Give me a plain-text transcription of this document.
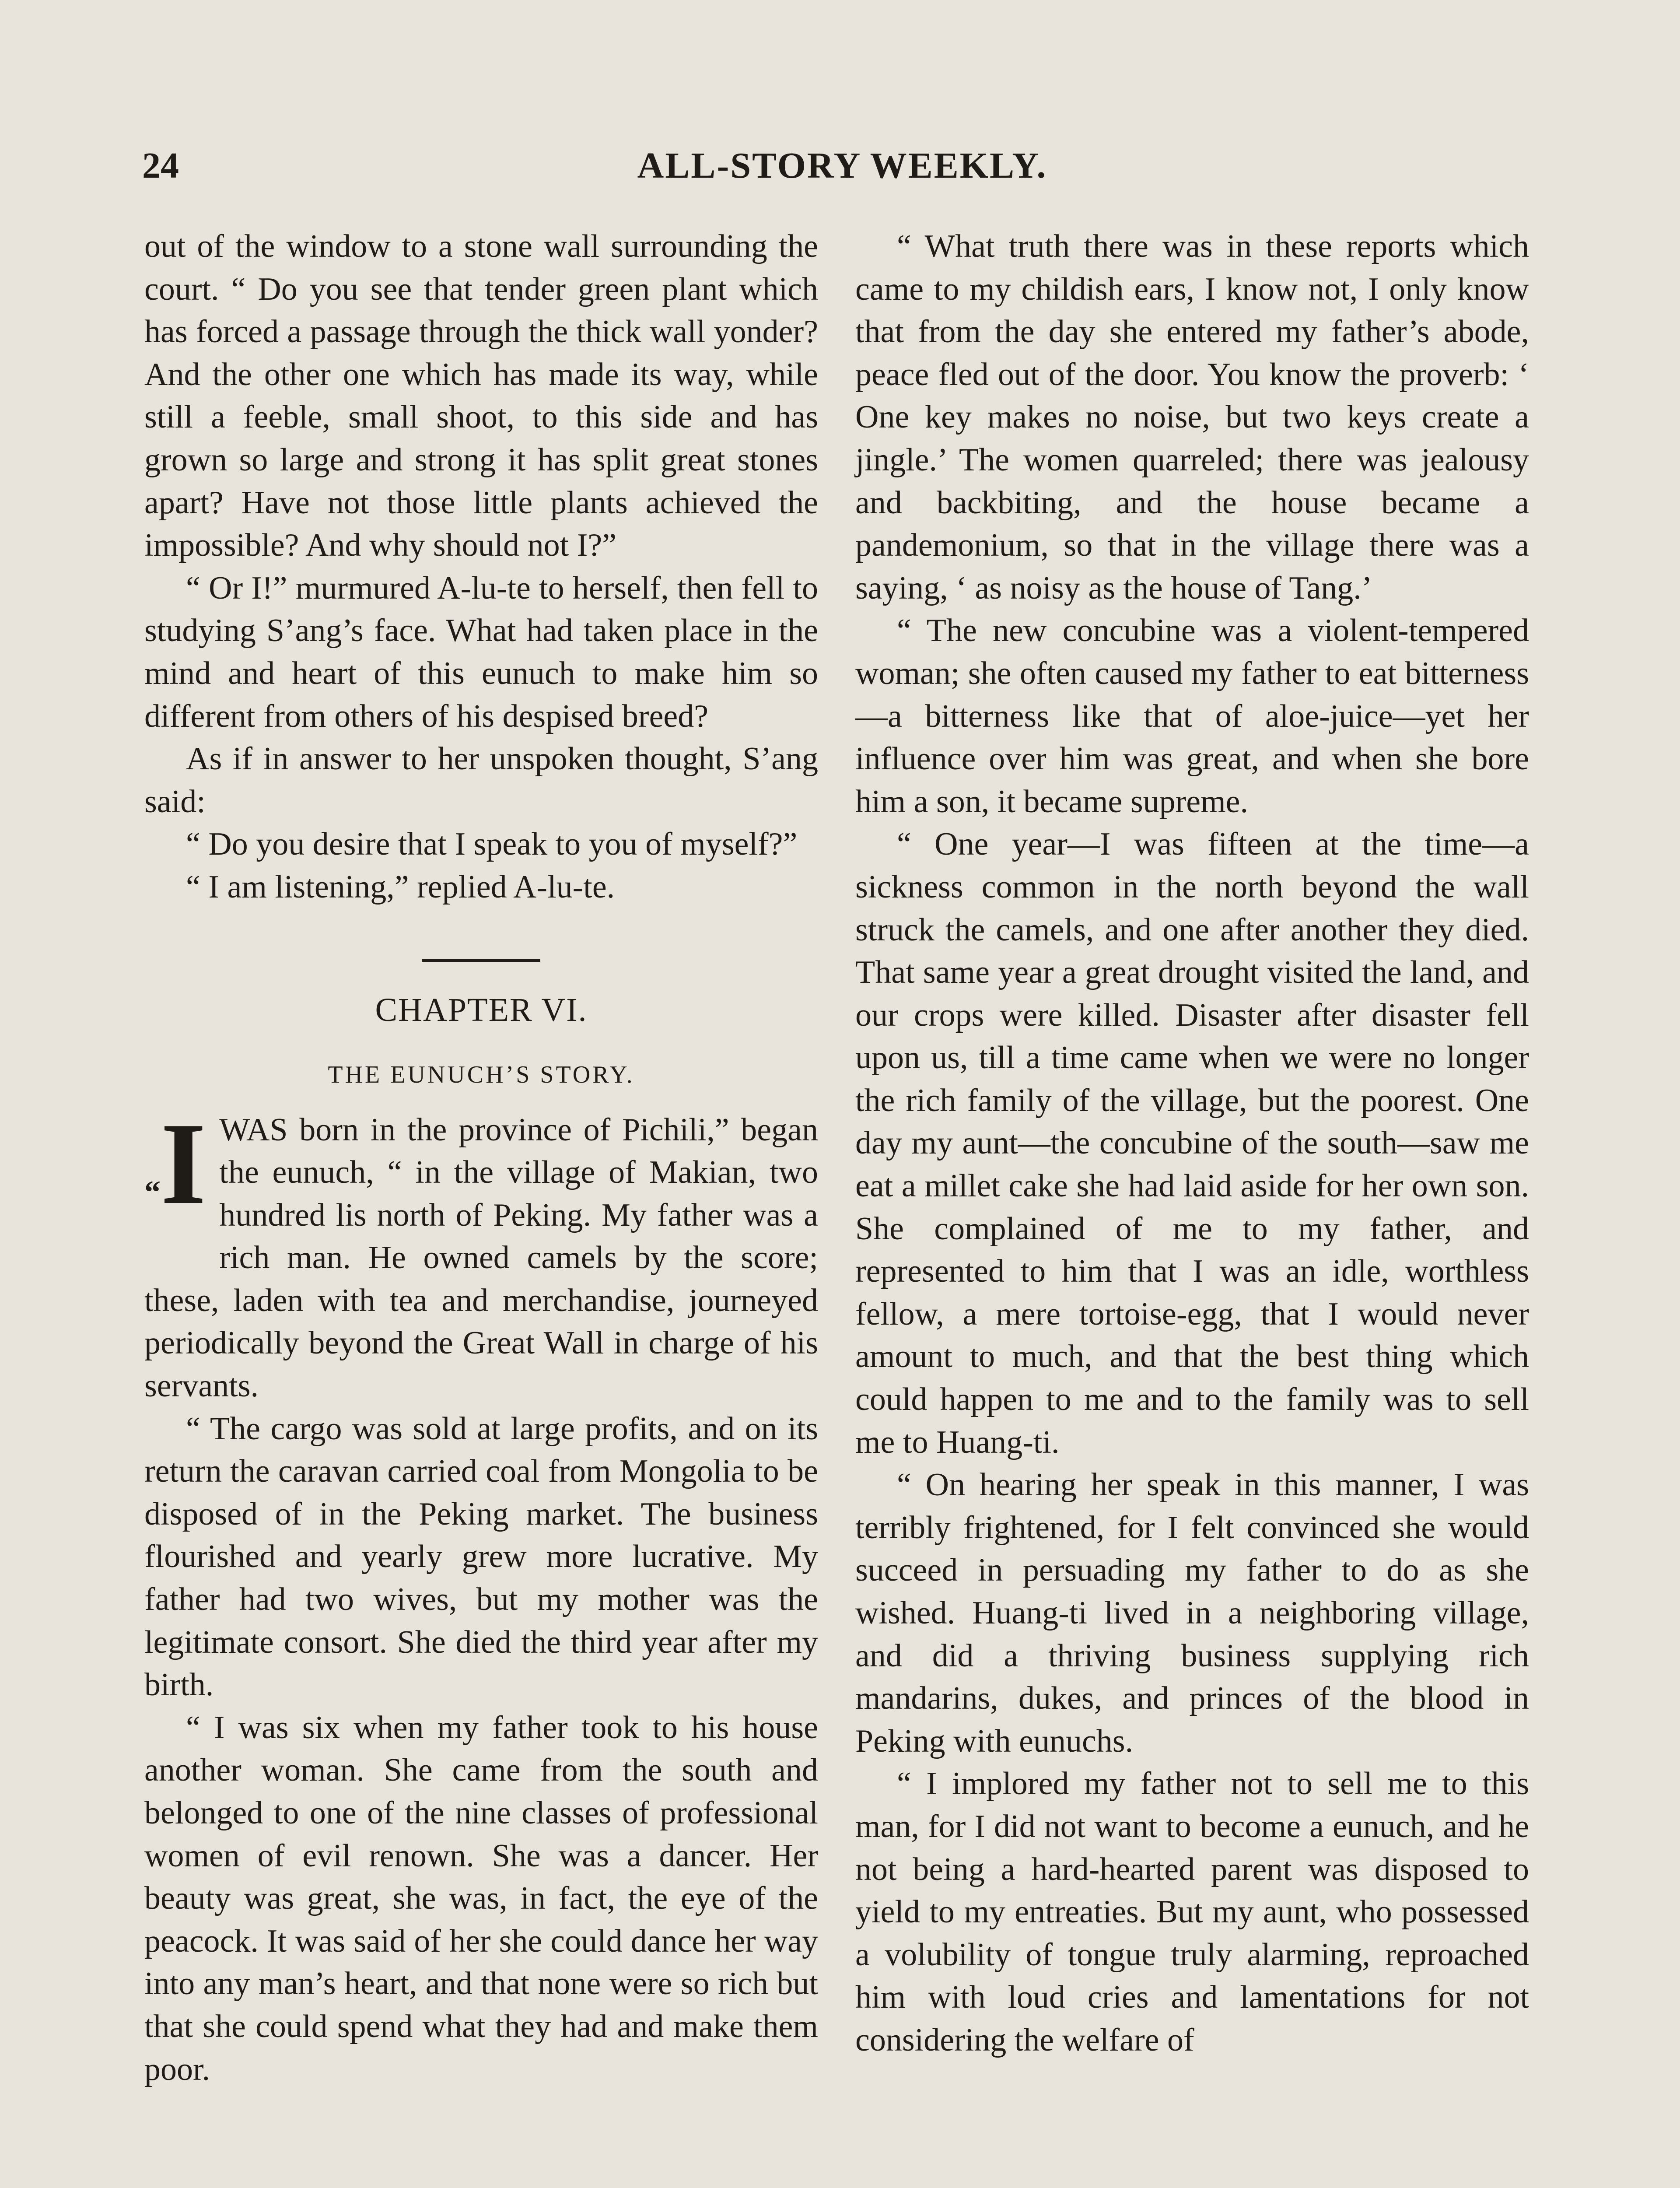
24	ALL-STORY WEEKLY.

out of the window to a stone wall surrounding the court. “ Do you see that tender green plant which has forced a passage through the thick wall yonder? And the other one which has made its way, while still a feeble, small shoot, to this side and has grown so large and strong it has split great stones apart? Have not those little plants achieved the impossible? And why should not I?”

“ Or I!” murmured A-lu-te to herself, then fell to studying S’ang’s face. What had taken place in the mind and heart of this eunuch to make him so different from others of his despised breed?

As if in answer to her unspoken thought, S’ang said:

“ Do you desire that I speak to you of myself?”

“ I am listening,” replied A-lu-te.

CHAPTER VI.
THE EUNUCH’S STORY.

“I WAS born in the province of Pichili,” began the eunuch, “ in the village of Makian, two hundred lis north of Peking. My father was a rich man. He owned camels by the score; these, laden with tea and merchandise, journeyed periodically beyond the Great Wall in charge of his servants.

“ The cargo was sold at large profits, and on its return the caravan carried coal from Mongolia to be disposed of in the Peking market. The business flourished and yearly grew more lucrative. My father had two wives, but my mother was the legitimate consort. She died the third year after my birth.

“ I was six when my father took to his house another woman. She came from the south and belonged to one of the nine classes of professional women of evil renown. She was a dancer. Her beauty was great, she was, in fact, the eye of the peacock. It was said of her she could dance her way into any man’s heart, and that none were so rich but that she could spend what they had and make them poor.

“ What truth there was in these reports which came to my childish ears, I know not, I only know that from the day she entered my father’s abode, peace fled out of the door. You know the proverb: ‘ One key makes no noise, but two keys create a jingle.’ The women quarreled; there was jealousy and backbiting, and the house became a pandemonium, so that in the village there was a saying, ‘ as noisy as the house of Tang.’

“ The new concubine was a violent-tempered woman; she often caused my father to eat bitterness—a bitterness like that of aloe-juice—yet her influence over him was great, and when she bore him a son, it became supreme.

“ One year—I was fifteen at the time—a sickness common in the north beyond the wall struck the camels, and one after another they died. That same year a great drought visited the land, and our crops were killed. Disaster after disaster fell upon us, till a time came when we were no longer the rich family of the village, but the poorest. One day my aunt—the concubine of the south—saw me eat a millet cake she had laid aside for her own son. She complained of me to my father, and represented to him that I was an idle, worthless fellow, a mere tortoise-egg, that I would never amount to much, and that the best thing which could happen to me and to the family was to sell me to Huang-ti.

“ On hearing her speak in this manner, I was terribly frightened, for I felt convinced she would succeed in persuading my father to do as she wished. Huang-ti lived in a neighboring village, and did a thriving business supplying rich mandarins, dukes, and princes of the blood in Peking with eunuchs.

“ I implored my father not to sell me to this man, for I did not want to become a eunuch, and he not being a hard-hearted parent was disposed to yield to my entreaties. But my aunt, who possessed a volubility of tongue truly alarming, reproached him with loud cries and lamentations for not considering the welfare of
